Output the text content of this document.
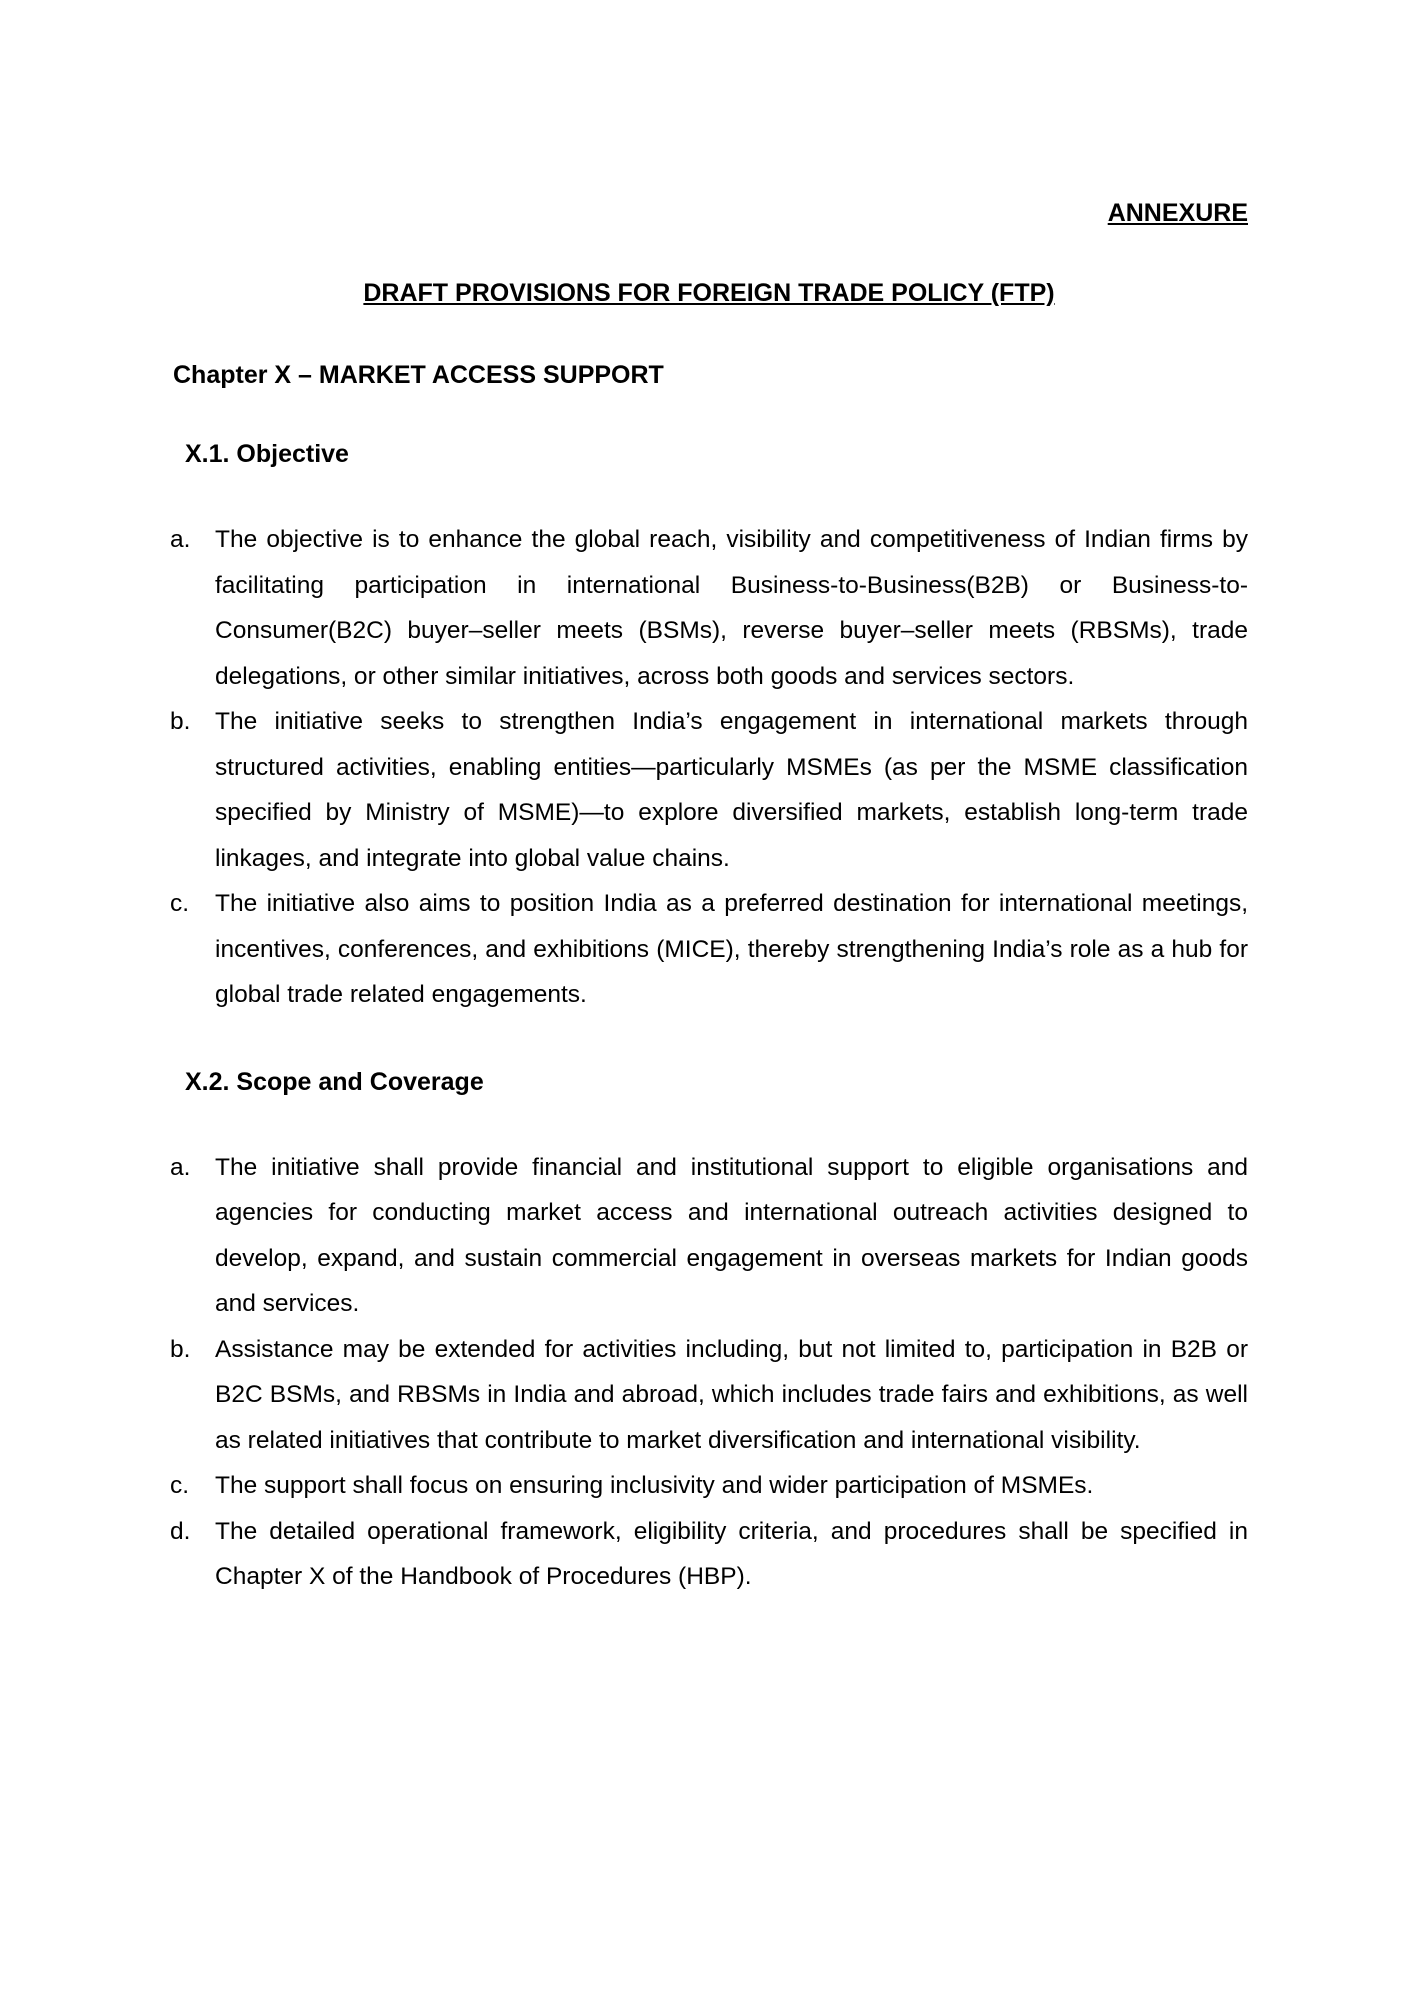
ANNEXURE
DRAFT PROVISIONS FOR FOREIGN TRADE POLICY (FTP)
Chapter X – MARKET ACCESS SUPPORT
X.1. Objective
a. The objective is to enhance the global reach, visibility and competitiveness of Indian firms by facilitating participation in international Business-to-Business(B2B) or Business-to-Consumer(B2C) buyer–seller meets (BSMs), reverse buyer–seller meets (RBSMs), trade delegations, or other similar initiatives, across both goods and services sectors.
b. The initiative seeks to strengthen India’s engagement in international markets through structured activities, enabling entities—particularly MSMEs (as per the MSME classification specified by Ministry of MSME)—to explore diversified markets, establish long-term trade linkages, and integrate into global value chains.
c. The initiative also aims to position India as a preferred destination for international meetings, incentives, conferences, and exhibitions (MICE), thereby strengthening India’s role as a hub for global trade related engagements.
X.2. Scope and Coverage
a. The initiative shall provide financial and institutional support to eligible organisations and agencies for conducting market access and international outreach activities designed to develop, expand, and sustain commercial engagement in overseas markets for Indian goods and services.
b. Assistance may be extended for activities including, but not limited to, participation in B2B or B2C BSMs, and RBSMs in India and abroad, which includes trade fairs and exhibitions, as well as related initiatives that contribute to market diversification and international visibility.
c. The support shall focus on ensuring inclusivity and wider participation of MSMEs.
d. The detailed operational framework, eligibility criteria, and procedures shall be specified in Chapter X of the Handbook of Procedures (HBP).
